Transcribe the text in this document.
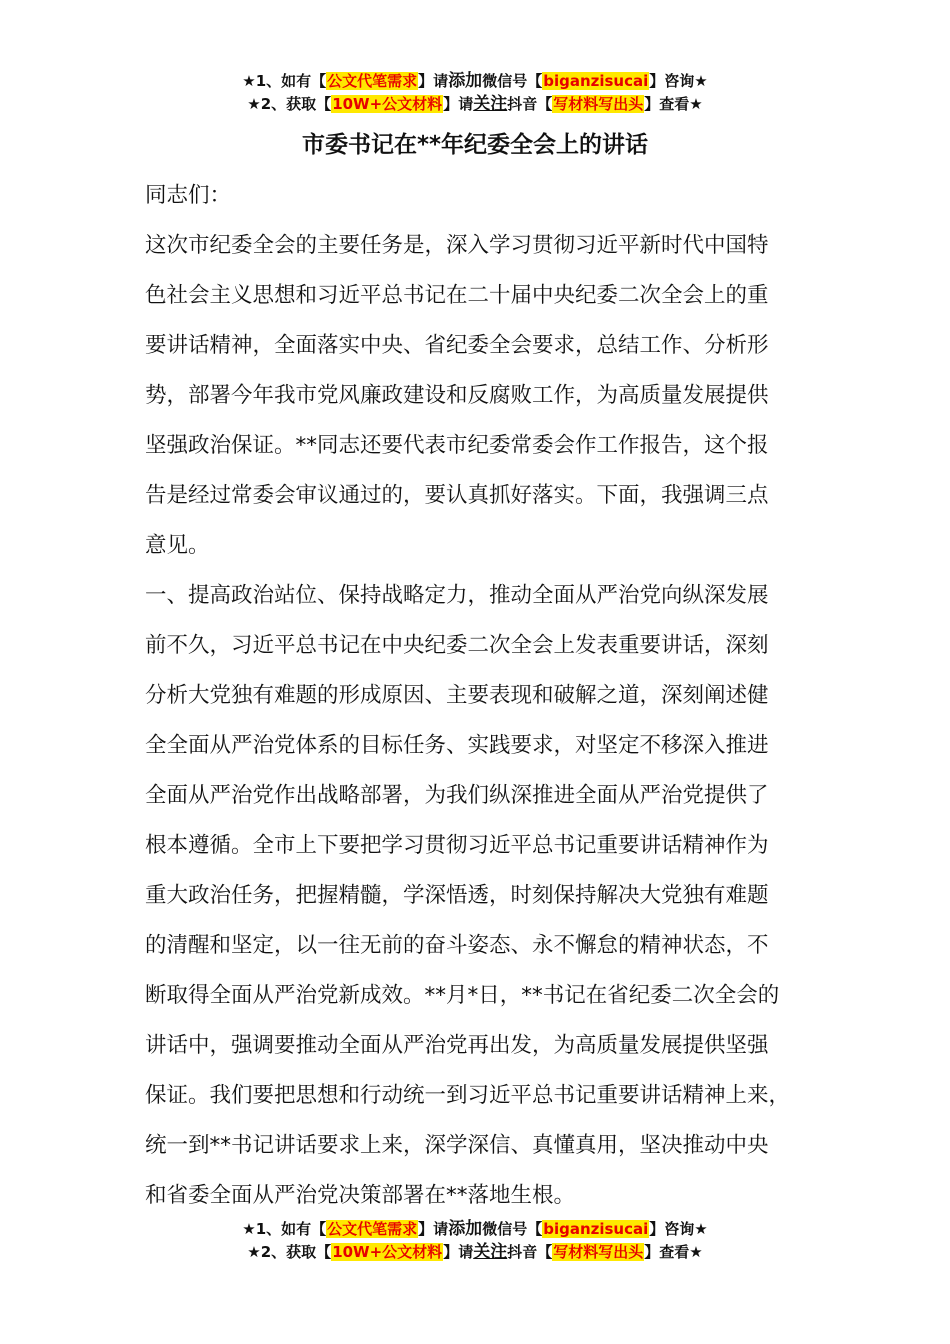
★1、如有【公文代笔需求】请添加微信号【biganzisucai】咨询★
★2、获取【10W+公文材料】请关注抖音【写材料写出头】查看★
市委书记在**年纪委全会上的讲话
同志们：
这次市纪委全会的主要任务是，深入学习贯彻习近平新时代中国特
色社会主义思想和习近平总书记在二十届中央纪委二次全会上的重
要讲话精神，全面落实中央、省纪委全会要求，总结工作、分析形
势，部署今年我市党风廉政建设和反腐败工作，为高质量发展提供
坚强政治保证。**同志还要代表市纪委常委会作工作报告，这个报
告是经过常委会审议通过的，要认真抓好落实。下面，我强调三点
意见。
一、提高政治站位、保持战略定力，推动全面从严治党向纵深发展
前不久，习近平总书记在中央纪委二次全会上发表重要讲话，深刻
分析大党独有难题的形成原因、主要表现和破解之道，深刻阐述健
全全面从严治党体系的目标任务、实践要求，对坚定不移深入推进
全面从严治党作出战略部署，为我们纵深推进全面从严治党提供了
根本遵循。全市上下要把学习贯彻习近平总书记重要讲话精神作为
重大政治任务，把握精髓，学深悟透，时刻保持解决大党独有难题
的清醒和坚定，以一往无前的奋斗姿态、永不懈怠的精神状态，不
断取得全面从严治党新成效。**月*日，**书记在省纪委二次全会的
讲话中，强调要推动全面从严治党再出发，为高质量发展提供坚强
保证。我们要把思想和行动统一到习近平总书记重要讲话精神上来，
统一到**书记讲话要求上来，深学深信、真懂真用，坚决推动中央
和省委全面从严治党决策部署在**落地生根。
★1、如有【公文代笔需求】请添加微信号【biganzisucai】咨询★
★2、获取【10W+公文材料】请关注抖音【写材料写出头】查看★
